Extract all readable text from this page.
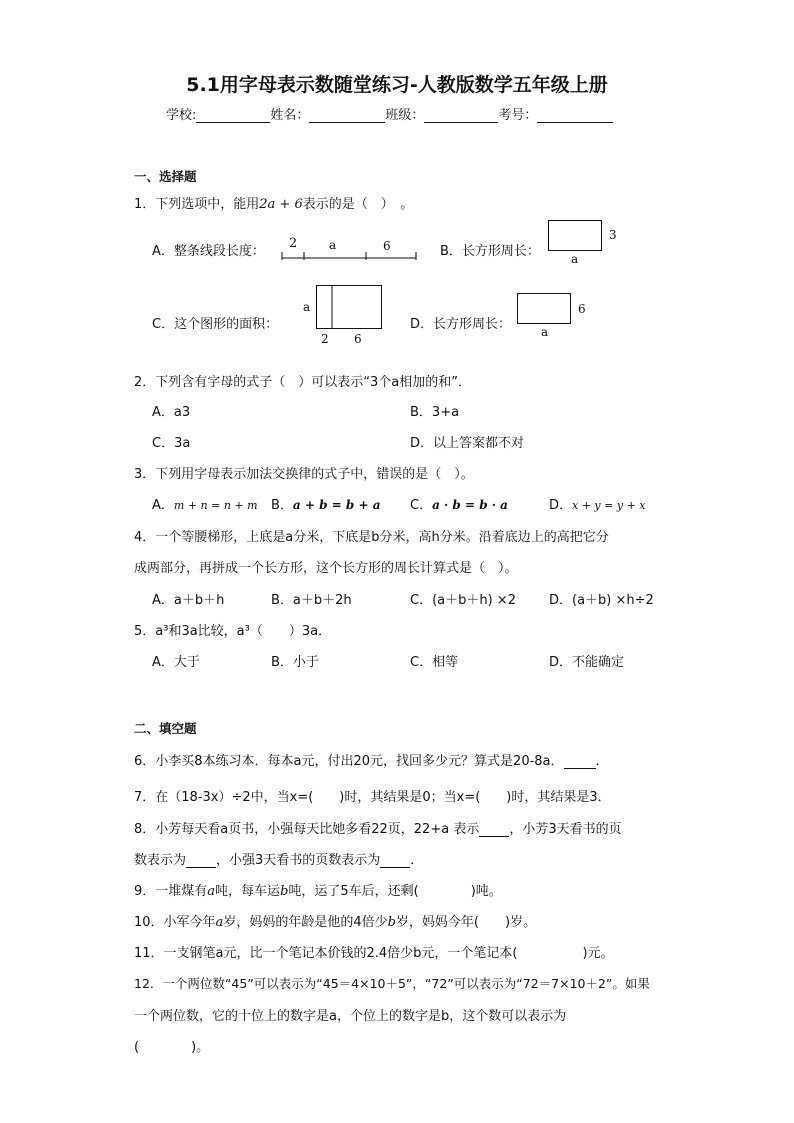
5.1用字母表示数随堂练习-人教版数学五年级上册
学校:	姓名：	班级：	考号：
一、选择题
1．下列选项中，能用2a + 6表示的是（　）　。
A．整条线段长度：
2	a	6	B．长方形周长：
3
a
C．这个图形的面积：
a
2 6
D．长方形周长：
6
a
2．下列含有字母的式子（　）可以表示“3个a相加的和”．
A．a3	B．3+a
C．3a	D．以上答案都不对
3．下列用字母表示加法交换律的式子中，错误的是（　）。
A．m + n = n + m B．a + b = b + a C．a · b = b · a	D．x + y = y + x
4．一个等腰梯形，上底是a分米，下底是b分米，高h分米。沿着底边上的高把它分
成两部分，再拼成一个长方形，这个长方形的周长计算式是（　）。
A．a＋b＋h	B．a＋b＋2h	C．(a＋b＋h) ×2	D．(a＋b) ×h÷2
5．a³和3a比较，a³（　　）3a．
A．大于	B．小于	C．相等	D．不能确定
二、填空题
6．小李买8本练习本．每本a元，付出20元，找回多少元？算式是20-8a． ．
7．在（18-3x）÷2中，当x=(　　)时，其结果是0；当x=(　　)时，其结果是3．
8．小芳每天看a页书，小强每天比她多看22页，22+a 表示 ，小芳3天看书的页
数表示为 ，小强3天看书的页数表示为 ．
9．一堆煤有a吨，每车运b吨，运了5车后，还剩(　　　　)吨。
10．小军今年a岁，妈妈的年龄是他的4倍少b岁，妈妈今年(　　)岁。
11．一支钢笔a元，比一个笔记本价钱的2.4倍少b元，一个笔记本(　　　　　)元。
12．一个两位数“45”可以表示为“45＝4×10＋5”，“72”可以表示为“72＝7×10＋2”。如果
一个两位数，它的十位上的数字是a，个位上的数字是b，这个数可以表示为
(　　　　)。
